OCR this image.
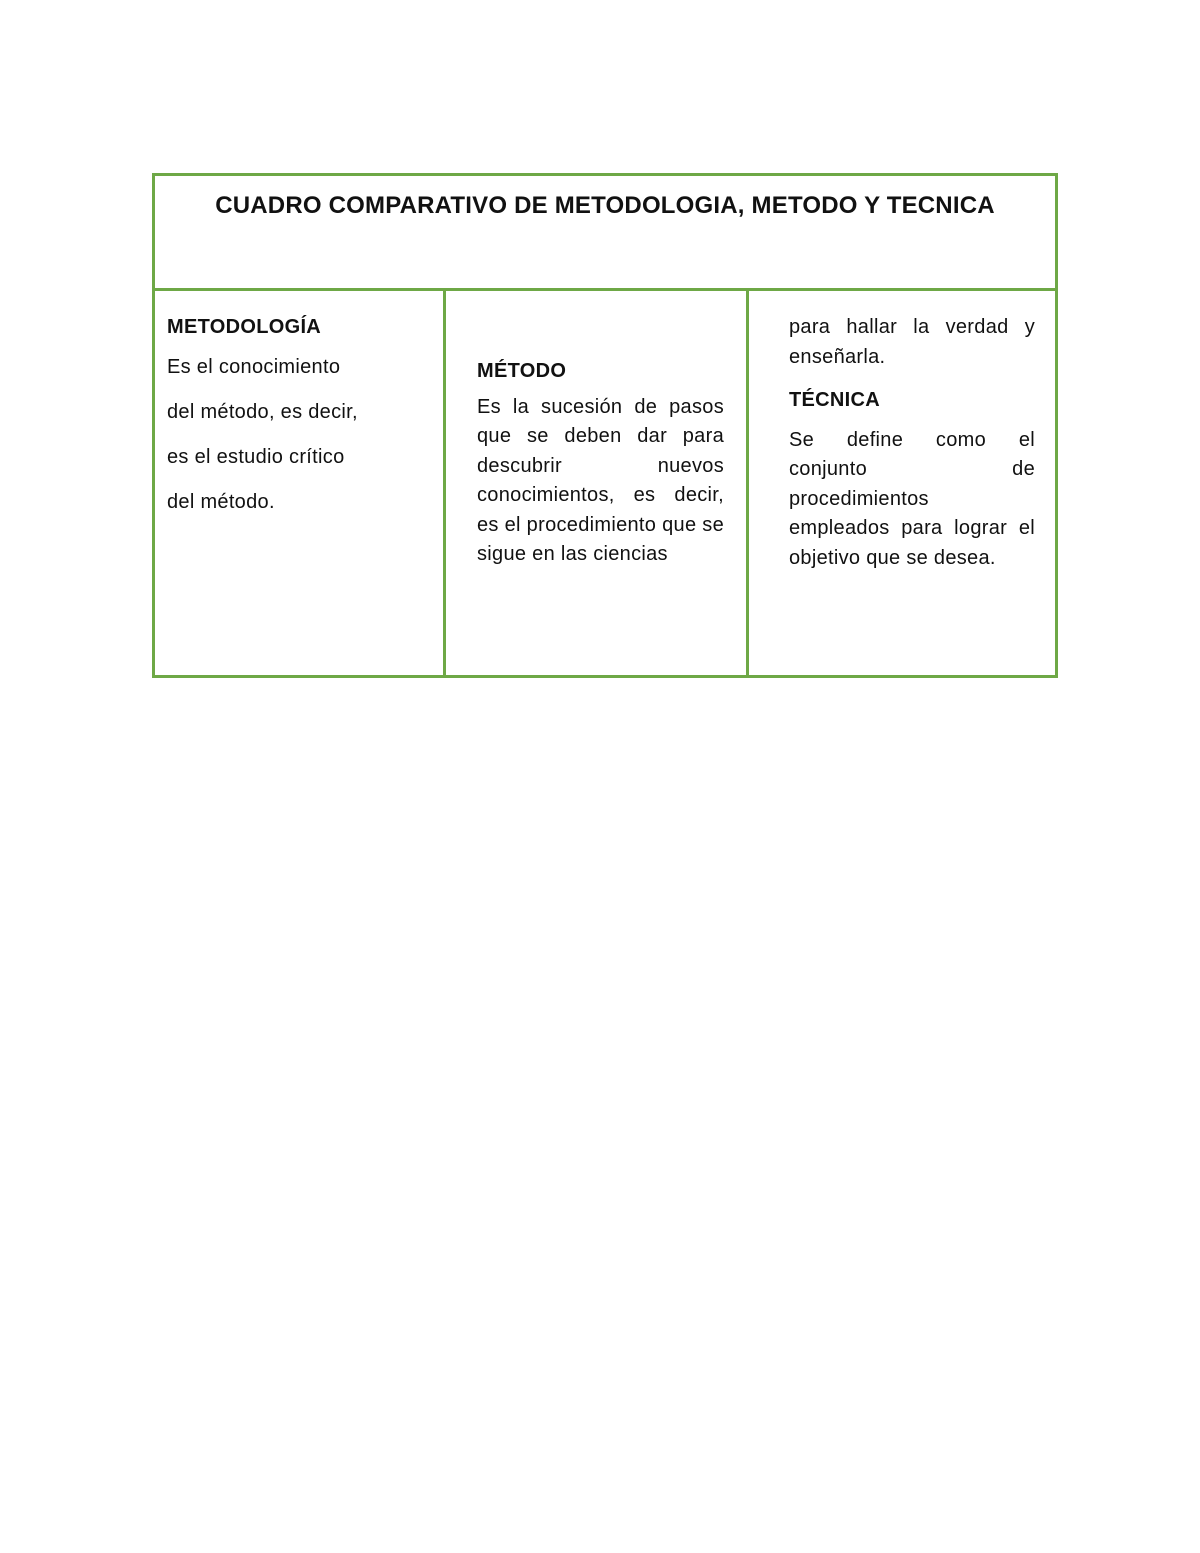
CUADRO COMPARATIVO DE METODOLOGIA, METODO Y TECNICA
METODOLOGÍA

Es el conocimiento

del método, es decir,

es el estudio crítico

del método.

MÉTODO

Es la sucesión de pasos que se deben dar para descubrir nuevos conocimientos, es decir, es el procedimiento que se sigue en las ciencias

para hallar la verdad y enseñarla.

TÉCNICA

Se define como el conjunto de procedimientos empleados para lograr el objetivo que se desea.
